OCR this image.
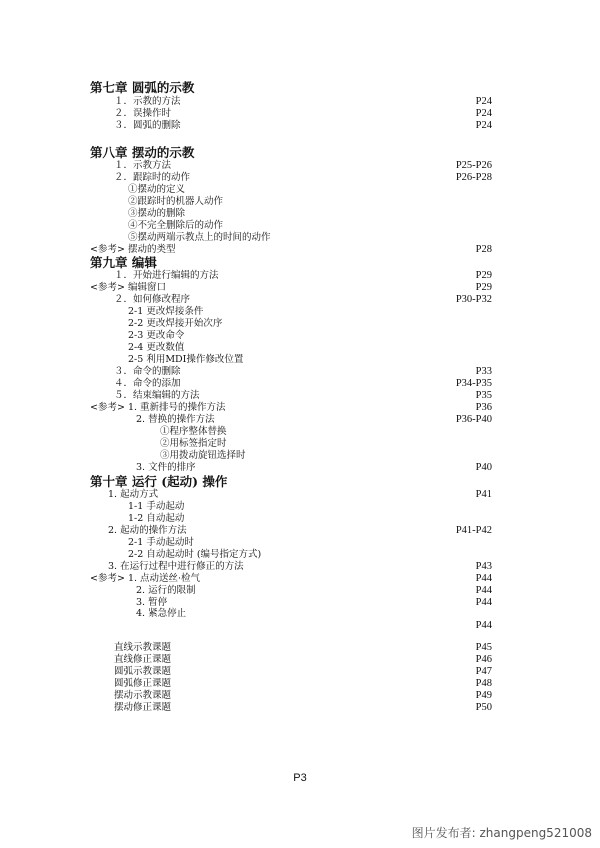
第七章 圆弧的示教
１．示教的方法	P24
２．误操作时	P24
３．圆弧的删除	P24
第八章 摆动的示教
１．示教方法	P25-P26
２．跟踪时的动作	P26-P28
①摆动的定义
②跟踪时的机器人动作
③摆动的删除
④不完全删除后的动作
⑤摆动两端示教点上的时间的动作
<参考> 摆动的类型	P28
第九章 编辑
１．开始进行编辑的方法	P29
<参考> 编辑窗口	P29
２．如何修改程序	P30-P32
2-1 更改焊接条件
2-2 更改焊接开始次序
2-3 更改命令
2-4 更改数值
2-5 利用MDI操作修改位置
３．命令的删除	P33
４．命令的添加	P34-P35
５．结束编辑的方法	P35
<参考> 1. 重新排号的操作方法	P36
2. 替换的操作方法	P36-P40
①程序整体替换
②用标签指定时
③用拨动旋钮选择时
3. 文件的排序	P40
第十章 运行 (起动) 操作
1. 起动方式	P41
1-1 手动起动
1-2 自动起动
2. 起动的操作方法	P41-P42
2-1 手动起动时
2-2 自动起动时 (编号指定方式)
3. 在运行过程中进行修正的方法	P43
<参考> 1. 点动送丝·检气	P44
2. 运行的限制	P44
3. 暂停	P44
4. 紧急停止
P44
直线示教课题	P45
直线修正课题	P46
圆弧示教课题	P47
圆弧修正课题	P48
摆动示教课题	P49
摆动修正课题	P50
P3
图片发布者: zhangpeng521008
